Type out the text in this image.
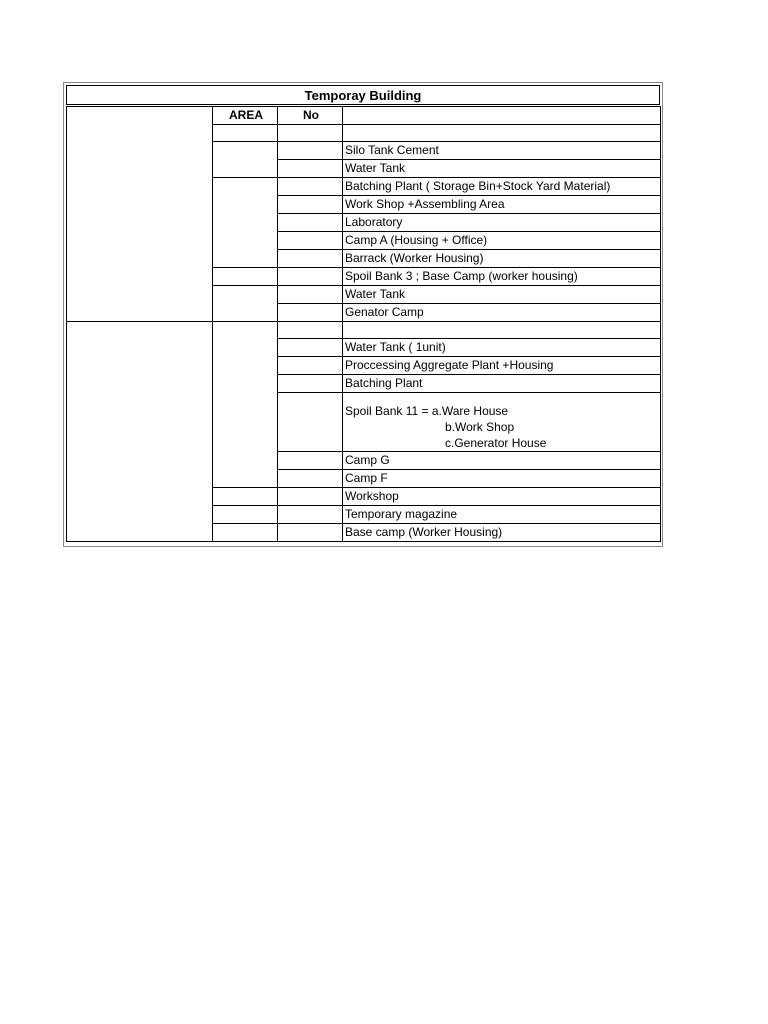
Temporay Building
	AREA	No	

			Silo Tank Cement
			Water Tank
			Batching Plant ( Storage Bin+Stock Yard Material)
			Work Shop +Assembling Area
			Laboratory
			Camp A (Housing + Office)
			Barrack (Worker Housing)
			Spoil Bank 3 ; Base Camp (worker housing)
			Water Tank
			Genator Camp

			Water Tank ( 1unit)
			Proccessing Aggregate Plant +Housing
			Batching Plant
			Spoil Bank 11 = a.Ware House
b.Work Shop
c.Generator House
			Camp G
			Camp F
			Workshop
			Temporary magazine
			Base camp (Worker Housing)
